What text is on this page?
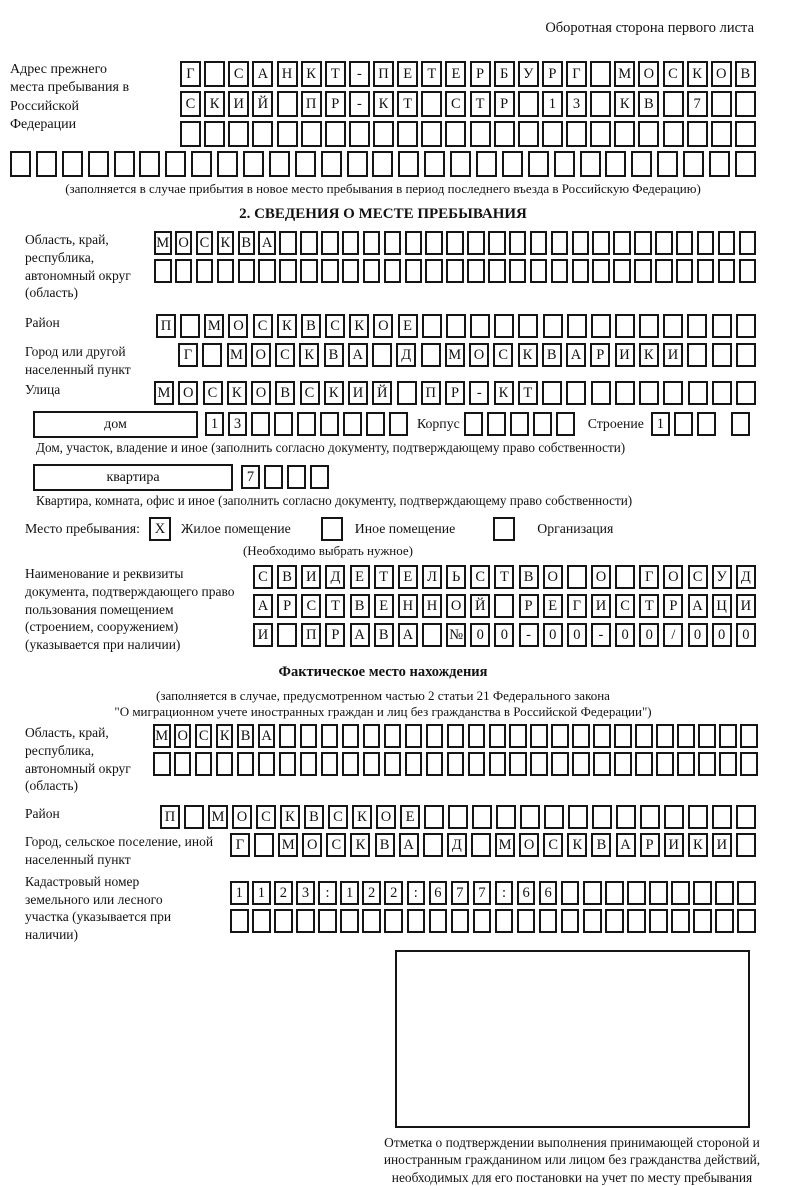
Оборотная сторона первого листа
Адрес прежнего места пребывания в Российской Федерации
Г	С А Н К	Т	-	П Е	Т	Е	Р	Б	У	Р	Г	М О С К О В
С К И Й	П	Р	-	К	Т	С	Т	Р	1	3	К В	7
(заполняется в случае прибытия в новое место пребывания в период последнего въезда в Российскую Федерацию)
2. СВЕДЕНИЯ О МЕСТЕ ПРЕБЫВАНИЯ
Область, край, республика, автономный округ (область)
М О С К В А
Район	П	М О С К В С К О Е
Город или другой населенный пункт
Г	М О С	К	В А	Д	М О С	К	В А	Р	И К И
Улица	М О С	К О В	С	К И Й	П	Р	-	К	Т
дом	1	3	Корпус	Строение 1
Дом, участок, владение и иное (заполнить согласно документу, подтверждающему право собственности)
квартира	7
Квартира, комната, офис и иное (заполнить согласно документу, подтверждающему право собственности)
Место пребывания:	X	Жилое помещение	Иное помещение	Организация
(Необходимо выбрать нужное)
Наименование и реквизиты документа, подтверждающего право пользования помещением (строением, сооружением) (указывается при наличии)
С В И Д	Е	Т	Е	Л	Ь	С	Т	В О	О	Г	О С У Д
А	Р	С	Т	В	Е Н Н О Й	Р	Е	Г	И С	Т	Р	А Ц И
И	П	Р	А В А	№ 0	0	-	0	0	-	0	0	/	0	0	0
Фактическое место нахождения
(заполняется в случае, предусмотренном частью 2 статьи 21 Федерального закона
"О миграционном учете иностранных граждан и лиц без гражданства в Российской Федерации")
Область, край, республика, автономный округ (область)
М О С К В А
Район	П	М О С К В С К О Е
Город, сельское поселение, иной населенный пункт
Г	М О С К В А	Д	М О С К В А	Р	И К И
Кадастровый номер земельного или лесного участка (указывается при наличии)
1	1	2	3	:	1	2	2	:	6	7	7	:	6	6
Отметка о подтверждении выполнения принимающей стороной и иностранным гражданином или лицом без гражданства действий, необходимых для его постановки на учет по месту пребывания
